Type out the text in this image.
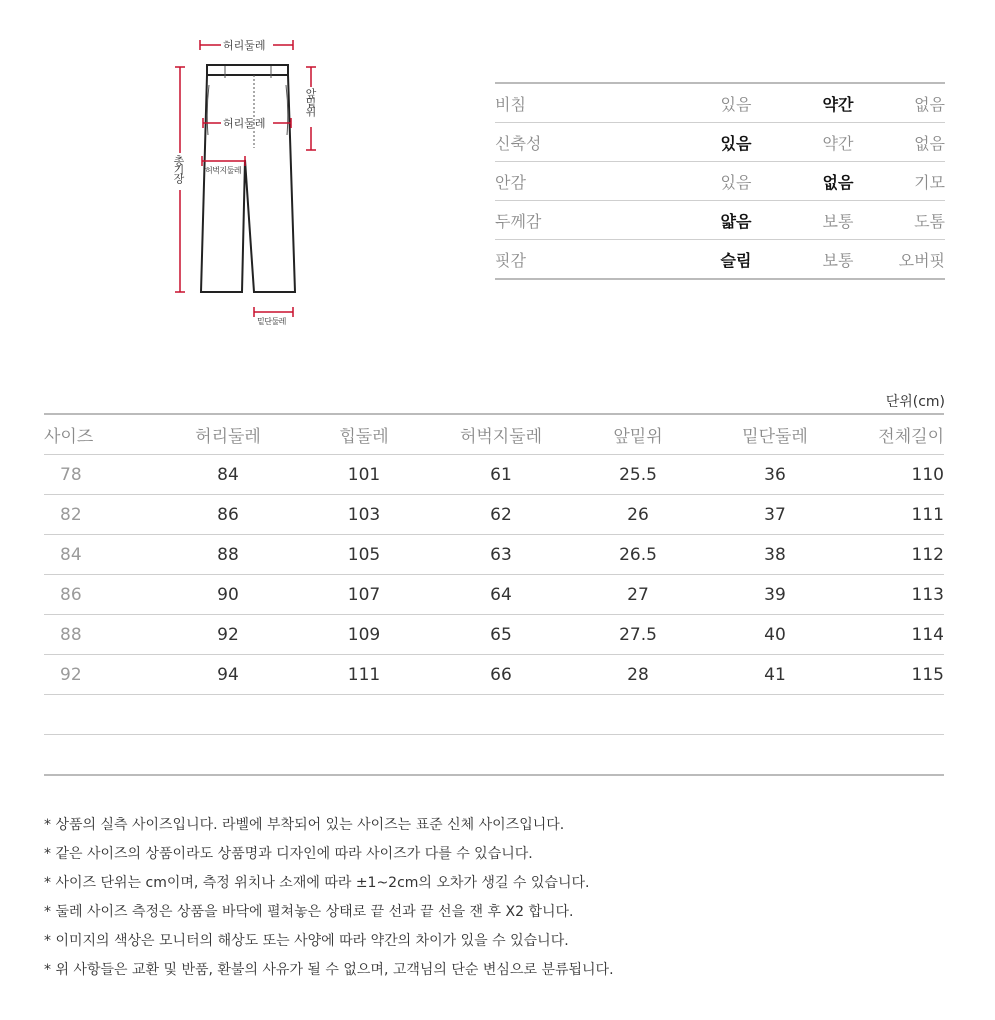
허리둘레
허리둘레
총기장
앞밑위
허벅지둘레
밑단둘레
비침	있음	약간	없음
신축성	있음	약간	없음
안감	있음	없음	기모
두께감	얇음	보통	도톰
핏감	슬림	보통	오버핏
단위(cm)
사이즈	허리둘레	힙둘레	허벅지둘레	앞밑위	밑단둘레	전체길이
78	84	101	61	25.5	36	110
82	86	103	62	26	37	111
84	88	105	63	26.5	38	112
86	90	107	64	27	39	113
88	92	109	65	27.5	40	114
92	94	111	66	28	41	115
* 상품의 실측 사이즈입니다. 라벨에 부착되어 있는 사이즈는 표준 신체 사이즈입니다.
* 같은 사이즈의 상품이라도 상품명과 디자인에 따라 사이즈가 다를 수 있습니다.
* 사이즈 단위는 cm이며, 측정 위치나 소재에 따라 ±1~2cm의 오차가 생길 수 있습니다.
* 둘레 사이즈 측정은 상품을 바닥에 펼쳐놓은 상태로 끝 선과 끝 선을 잰 후 X2 합니다.
* 이미지의 색상은 모니터의 해상도 또는 사양에 따라 약간의 차이가 있을 수 있습니다.
* 위 사항들은 교환 및 반품, 환불의 사유가 될 수 없으며, 고객님의 단순 변심으로 분류됩니다.
